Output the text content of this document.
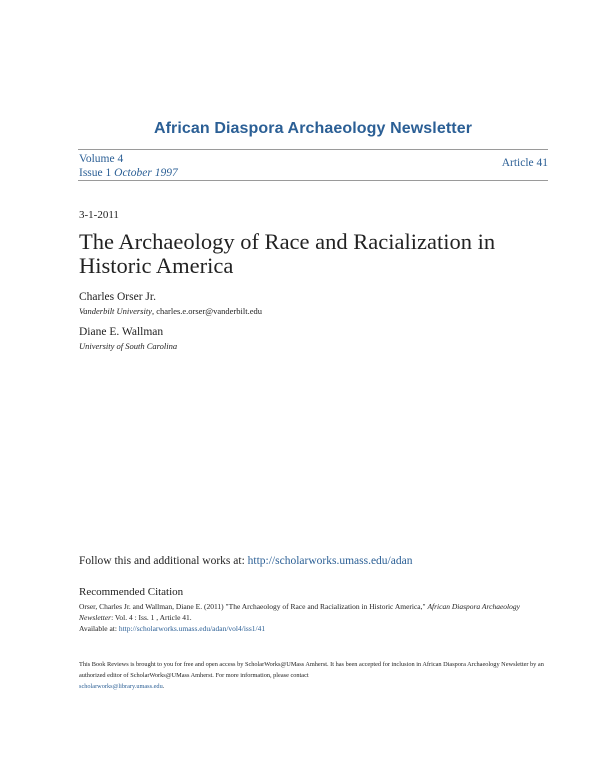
African Diaspora Archaeology Newsletter
Volume 4
Issue 1 October 1997
Article 41
3-1-2011
The Archaeology of Race and Racialization in Historic America
Charles Orser Jr.
Vanderbilt University, charles.e.orser@vanderbilt.edu
Diane E. Wallman
University of South Carolina
Follow this and additional works at: http://scholarworks.umass.edu/adan
Recommended Citation
Orser, Charles Jr. and Wallman, Diane E. (2011) "The Archaeology of Race and Racialization in Historic America," African Diaspora Archaeology Newsletter: Vol. 4 : Iss. 1 , Article 41.
Available at: http://scholarworks.umass.edu/adan/vol4/iss1/41
This Book Reviews is brought to you for free and open access by ScholarWorks@UMass Amherst. It has been accepted for inclusion in African Diaspora Archaeology Newsletter by an authorized editor of ScholarWorks@UMass Amherst. For more information, please contact
scholarworks@library.umass.edu.
